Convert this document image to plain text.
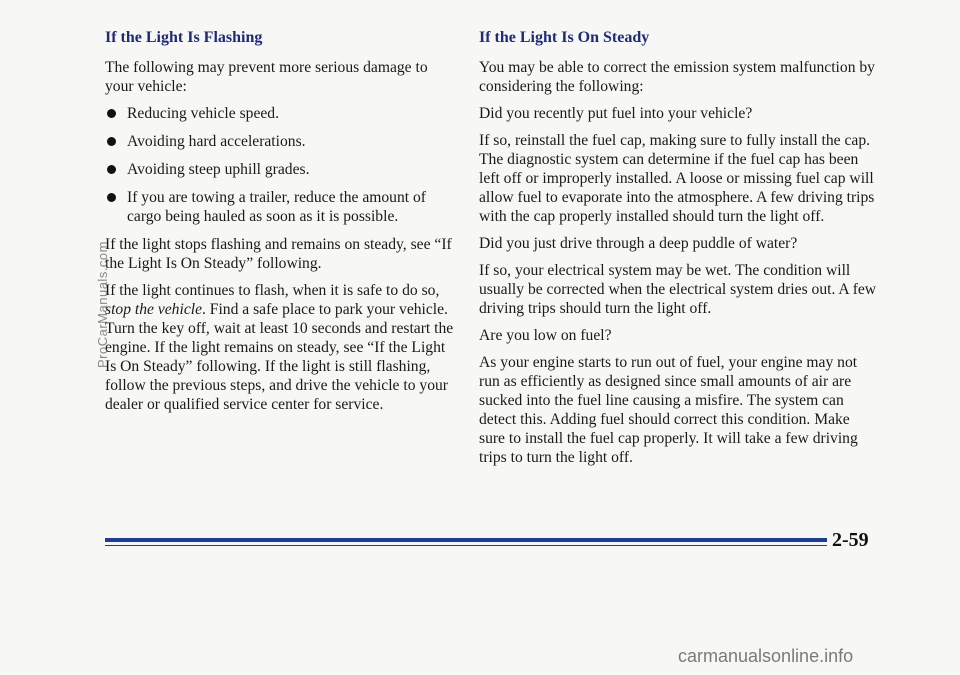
If the Light Is Flashing

The following may prevent more serious damage to your vehicle:

Reducing vehicle speed.
Avoiding hard accelerations.
Avoiding steep uphill grades.
If you are towing a trailer, reduce the amount of cargo being hauled as soon as it is possible.

If the light stops flashing and remains on steady, see “If the Light Is On Steady” following.

If the light continues to flash, when it is safe to do so, stop the vehicle. Find a safe place to park your vehicle. Turn the key off, wait at least 10 seconds and restart the engine. If the light remains on steady, see “If the Light Is On Steady” following. If the light is still flashing, follow the previous steps, and drive the vehicle to your dealer or qualified service center for service.

If the Light Is On Steady

You may be able to correct the emission system malfunction by considering the following:

Did you recently put fuel into your vehicle?

If so, reinstall the fuel cap, making sure to fully install the cap. The diagnostic system can determine if the fuel cap has been left off or improperly installed. A loose or missing fuel cap will allow fuel to evaporate into the atmosphere. A few driving trips with the cap properly installed should turn the light off.

Did you just drive through a deep puddle of water?

If so, your electrical system may be wet. The condition will usually be corrected when the electrical system dries out. A few driving trips should turn the light off.

Are you low on fuel?

As your engine starts to run out of fuel, your engine may not run as efficiently as designed since small amounts of air are sucked into the fuel line causing a misfire. The system can detect this. Adding fuel should correct this condition. Make sure to install the fuel cap properly. It will take a few driving trips to turn the light off.

2-59
ProCarManuals.com
carmanualsonline.info
